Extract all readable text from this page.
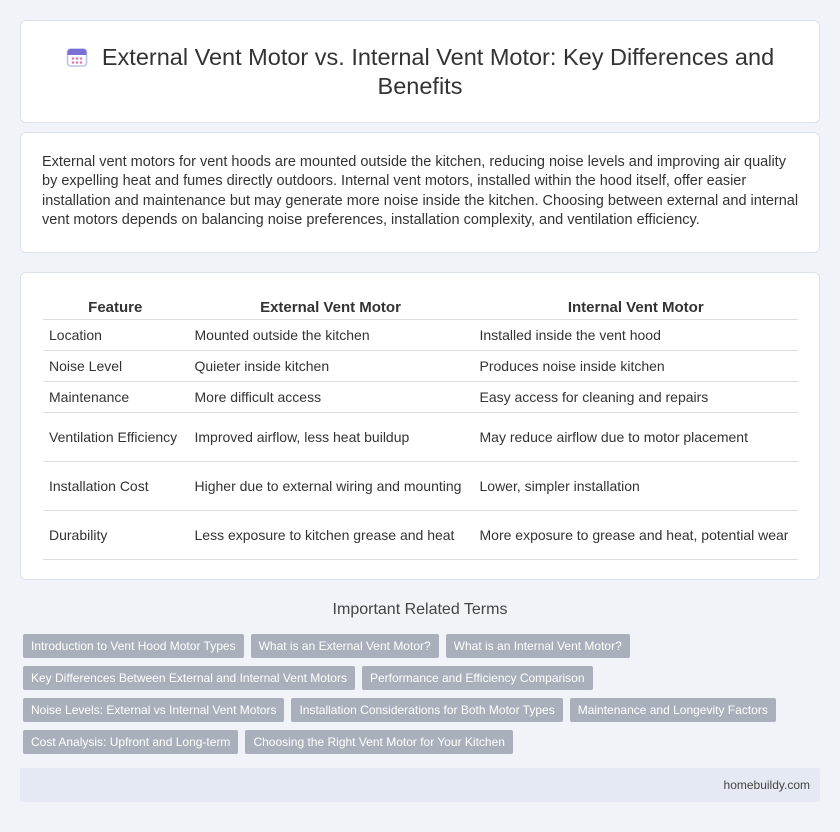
External Vent Motor vs. Internal Vent Motor: Key Differences and Benefits

External vent motors for vent hoods are mounted outside the kitchen, reducing noise levels and improving air quality by expelling heat and fumes directly outdoors. Internal vent motors, installed within the hood itself, offer easier installation and maintenance but may generate more noise inside the kitchen. Choosing between external and internal vent motors depends on balancing noise preferences, installation complexity, and ventilation efficiency.

Feature	External Vent Motor	Internal Vent Motor
Location	Mounted outside the kitchen	Installed inside the vent hood
Noise Level	Quieter inside kitchen	Produces noise inside kitchen
Maintenance	More difficult access	Easy access for cleaning and repairs
Ventilation Efficiency	Improved airflow, less heat buildup	May reduce airflow due to motor placement
Installation Cost	Higher due to external wiring and mounting	Lower, simpler installation
Durability	Less exposure to kitchen grease and heat	More exposure to grease and heat, potential wear
Important Related Terms
Introduction to Vent Hood Motor Types	What is an External Vent Motor?	What is an Internal Vent Motor?
Key Differences Between External and Internal Vent Motors	Performance and Efficiency Comparison
Noise Levels: External vs Internal Vent Motors	Installation Considerations for Both Motor Types	Maintenance and Longevity Factors
Cost Analysis: Upfront and Long-term	Choosing the Right Vent Motor for Your Kitchen
homebuildy.com
